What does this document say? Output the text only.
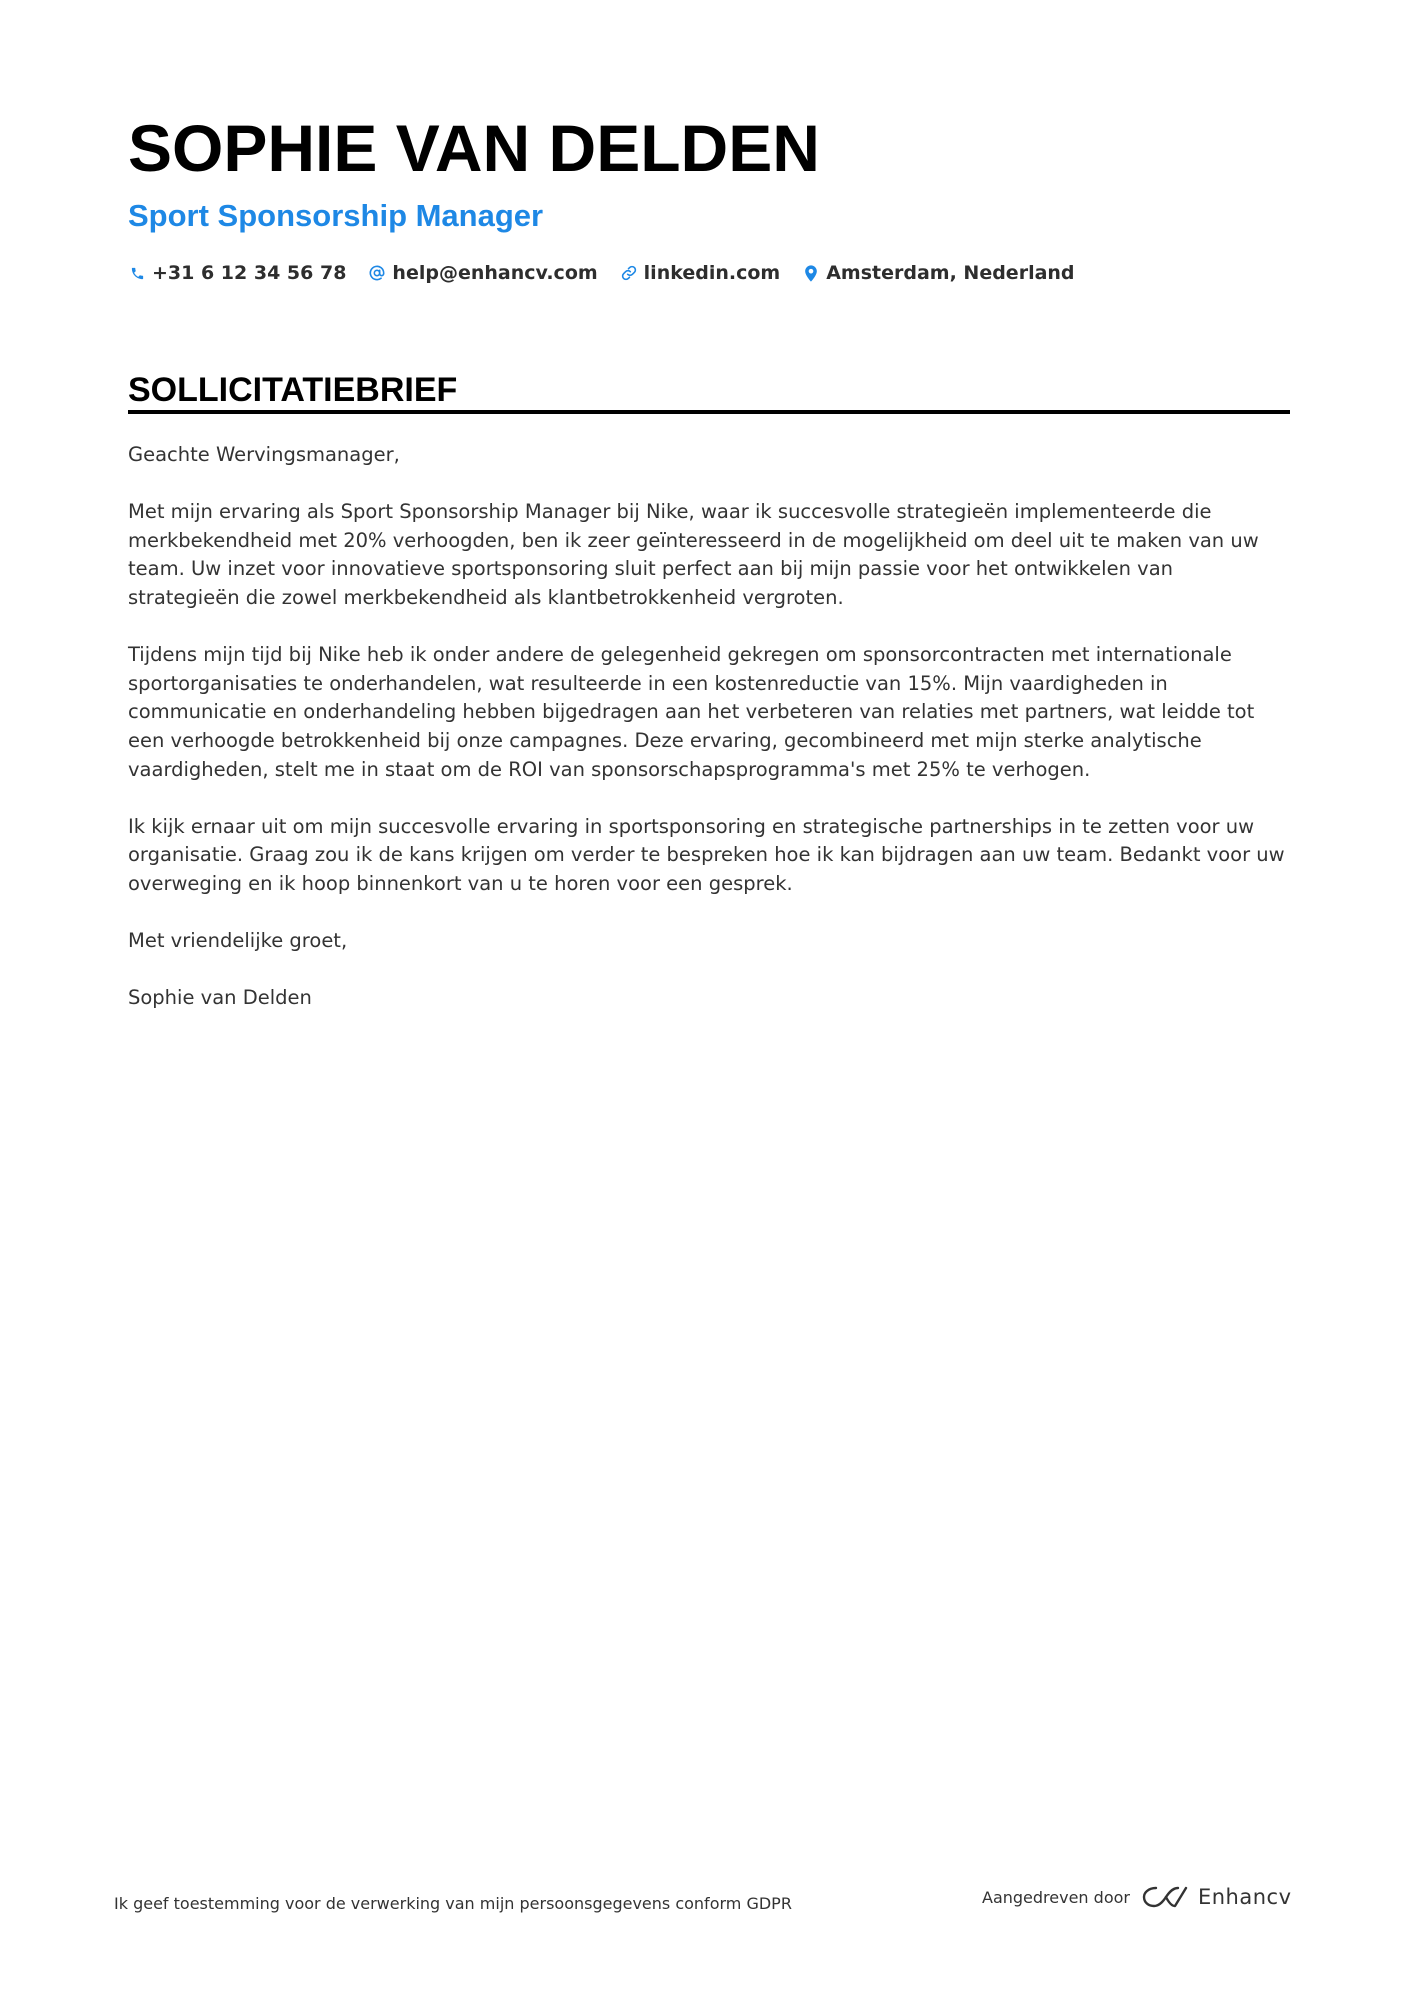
SOPHIE VAN DELDEN
Sport Sponsorship Manager
+31 6 12 34 56 78 help@enhancv.com linkedin.com Amsterdam, Nederland
SOLLICITATIEBRIEF

Geachte Wervingsmanager,

Met mijn ervaring als Sport Sponsorship Manager bij Nike, waar ik succesvolle strategieën implementeerde die merkbekendheid met 20% verhoogden, ben ik zeer geïnteresseerd in de mogelijkheid om deel uit te maken van uw team. Uw inzet voor innovatieve sportsponsoring sluit perfect aan bij mijn passie voor het ontwikkelen van strategieën die zowel merkbekendheid als klantbetrokkenheid vergroten.

Tijdens mijn tijd bij Nike heb ik onder andere de gelegenheid gekregen om sponsorcontracten met internationale sportorganisaties te onderhandelen, wat resulteerde in een kostenreductie van 15%. Mijn vaardigheden in communicatie en onderhandeling hebben bijgedragen aan het verbeteren van relaties met partners, wat leidde tot een verhoogde betrokkenheid bij onze campagnes. Deze ervaring, gecombineerd met mijn sterke analytische vaardigheden, stelt me in staat om de ROI van sponsorschapsprogramma's met 25% te verhogen.

Ik kijk ernaar uit om mijn succesvolle ervaring in sportsponsoring en strategische partnerships in te zetten voor uw organisatie. Graag zou ik de kans krijgen om verder te bespreken hoe ik kan bijdragen aan uw team. Bedankt voor uw overweging en ik hoop binnenkort van u te horen voor een gesprek.

Met vriendelijke groet,

Sophie van Delden

Ik geef toestemming voor de verwerking van mijn persoonsgegevens conform GDPR	Aangedreven door	Enhancv
